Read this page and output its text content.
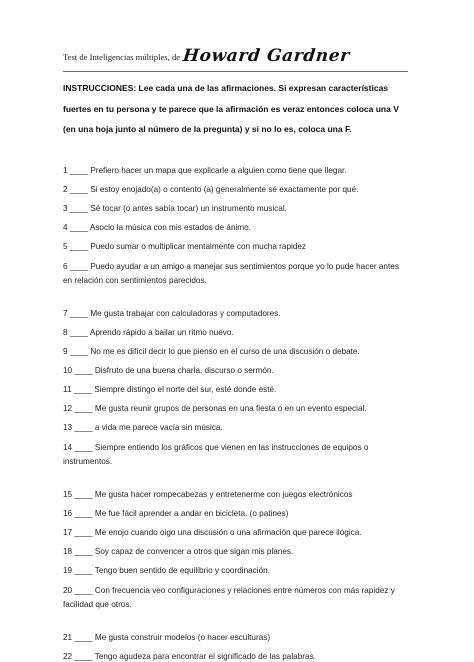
Test de Inteligencias múltiples, de Howard Gardner

INSTRUCCIONES: Lee cada una de las afirmaciones. Si expresan características fuertes en tu persona y te parece que la afirmación es veraz entonces coloca una V (en una hoja junto al número de la pregunta) y si no lo es, coloca una F.

1 ____ Prefiero hacer un mapa que explicarle a alguien como tiene que llegar.

2 ____ Si estoy enojado(a) o contento (a) generalmente sé exactamente por qué.

3 ____ Sé tocar (o antes sabía tocar) un instrumento musical.

4 ____ Asocio la música con mis estados de ánimo.

5 ____ Puedo sumar o multiplicar mentalmente con mucha rapidez

6 ____ Puedo ayudar a un amigo a manejar sus sentimientos porque yo lo pude hacer antes en relación con sentimientos parecidos.

7 ____ Me gusta trabajar con calculadoras y computadores.

8 ____ Aprendo rápido a bailar un ritmo nuevo.

9 ____ No me es difícil decir lo que pienso en el curso de una discusión o debate.

10 ____ Disfruto de una buena charla, discurso o sermón.

11 ____ Siempre distingo el norte del sur, esté donde esté.

12 ____ Me gusta reunir grupos de personas en una fiesta o en un evento especial.

13 ____ a vida me parece vacía sin música.

14 ____ Siempre entiendo los gráficos que vienen en las instrucciones de equipos o instrumentos.

15 ____ Me gusta hacer rompecabezas y entretenerme con juegos electrónicos

16 ____ Me fue fácil aprender a andar en bicicleta. (o patines)

17 ____ Me enojo cuando oigo una discusión o una afirmación que parece ilógica.

18 ____ Soy capaz de convencer a otros que sigan mis planes.

19 ____ Tengo buen sentido de equilibrio y coordinación.

20 ____ Con frecuencia veo configuraciones y relaciones entre números con más rapidez y facilidad que otros.

21 ____ Me gusta construir modelos (o hacer esculturas)

22 ____ Tengo agudeza para encontrar el significado de las palabras.
